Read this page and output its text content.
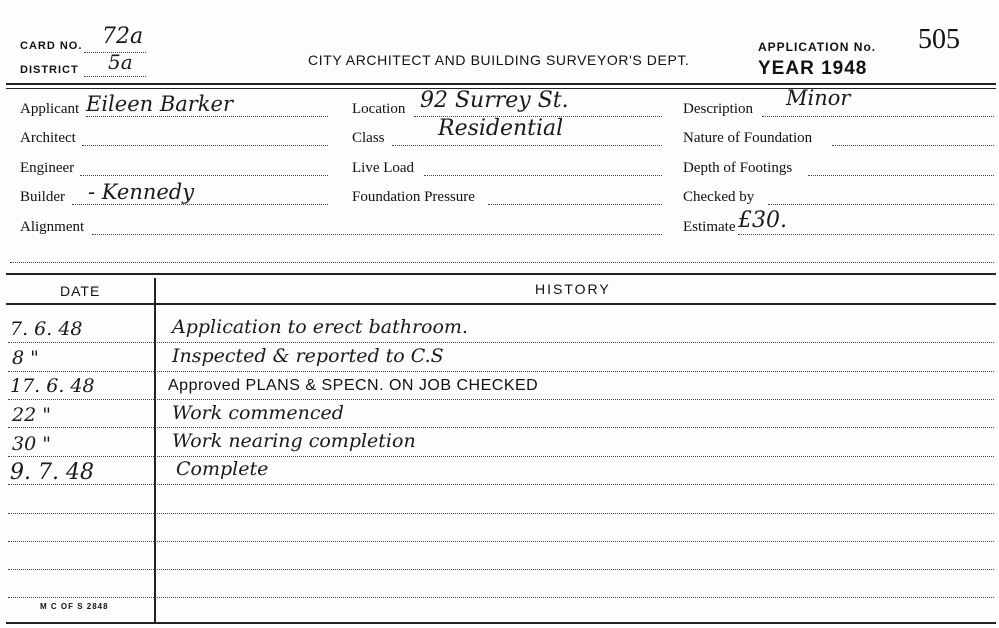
CARD NO. 72a
DISTRICT 5a	CITY ARCHITECT AND BUILDING SURVEYOR'S DEPT.
APPLICATION No. 505
YEAR 1948
Applicant Eileen Barker
Architect
Engineer
Builder - Kennedy
Alignment
Location 92 Surrey St.
Class Residential
Live Load
Foundation Pressure
Description Minor
Nature of Foundation
Depth of Footings
Checked by
Estimate £30.
DATE	HISTORY
7. 6. 48	Application to erect bathroom.
8 "	Inspected & reported to C.S
17. 6. 48	Approved PLANS & SPECN. ON JOB CHECKED
22 "	Work commenced
30 "	Work nearing completion
9. 7. 48	Complete
M C OF S 2848
